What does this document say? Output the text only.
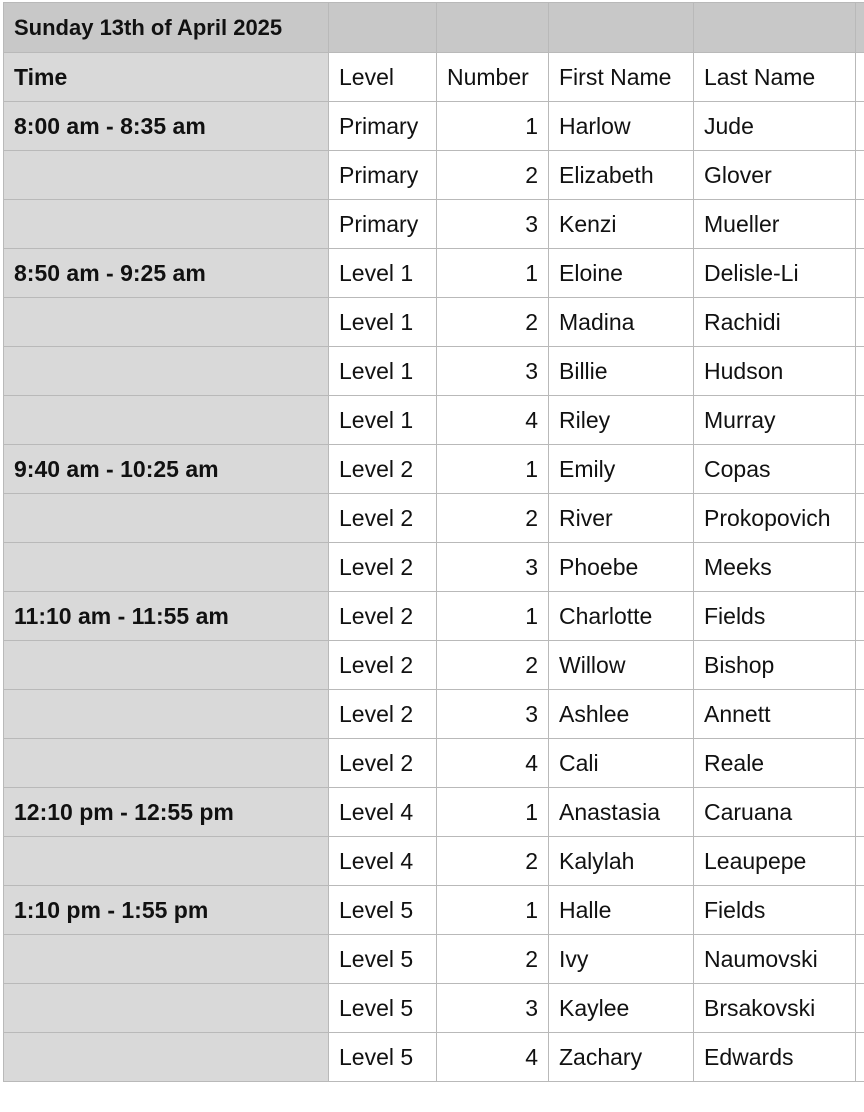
Sunday 13th of April 2025					
Time	Level	Number	First Name	Last Name	
8:00 am - 8:35 am	Primary	1	Harlow	Jude	
	Primary	2	Elizabeth	Glover	
	Primary	3	Kenzi	Mueller	
8:50 am - 9:25 am	Level 1	1	Eloine	Delisle-Li	
	Level 1	2	Madina	Rachidi	
	Level 1	3	Billie	Hudson	
	Level 1	4	Riley	Murray	
9:40 am - 10:25 am	Level 2	1	Emily	Copas	
	Level 2	2	River	Prokopovich	
	Level 2	3	Phoebe	Meeks	
11:10 am - 11:55 am	Level 2	1	Charlotte	Fields	
	Level 2	2	Willow	Bishop	
	Level 2	3	Ashlee	Annett	
	Level 2	4	Cali	Reale	
12:10 pm - 12:55 pm	Level 4	1	Anastasia	Caruana	
	Level 4	2	Kalylah	Leaupepe	
1:10 pm - 1:55 pm	Level 5	1	Halle	Fields	
	Level 5	2	Ivy	Naumovski	
	Level 5	3	Kaylee	Brsakovski	
	Level 5	4	Zachary	Edwards	
